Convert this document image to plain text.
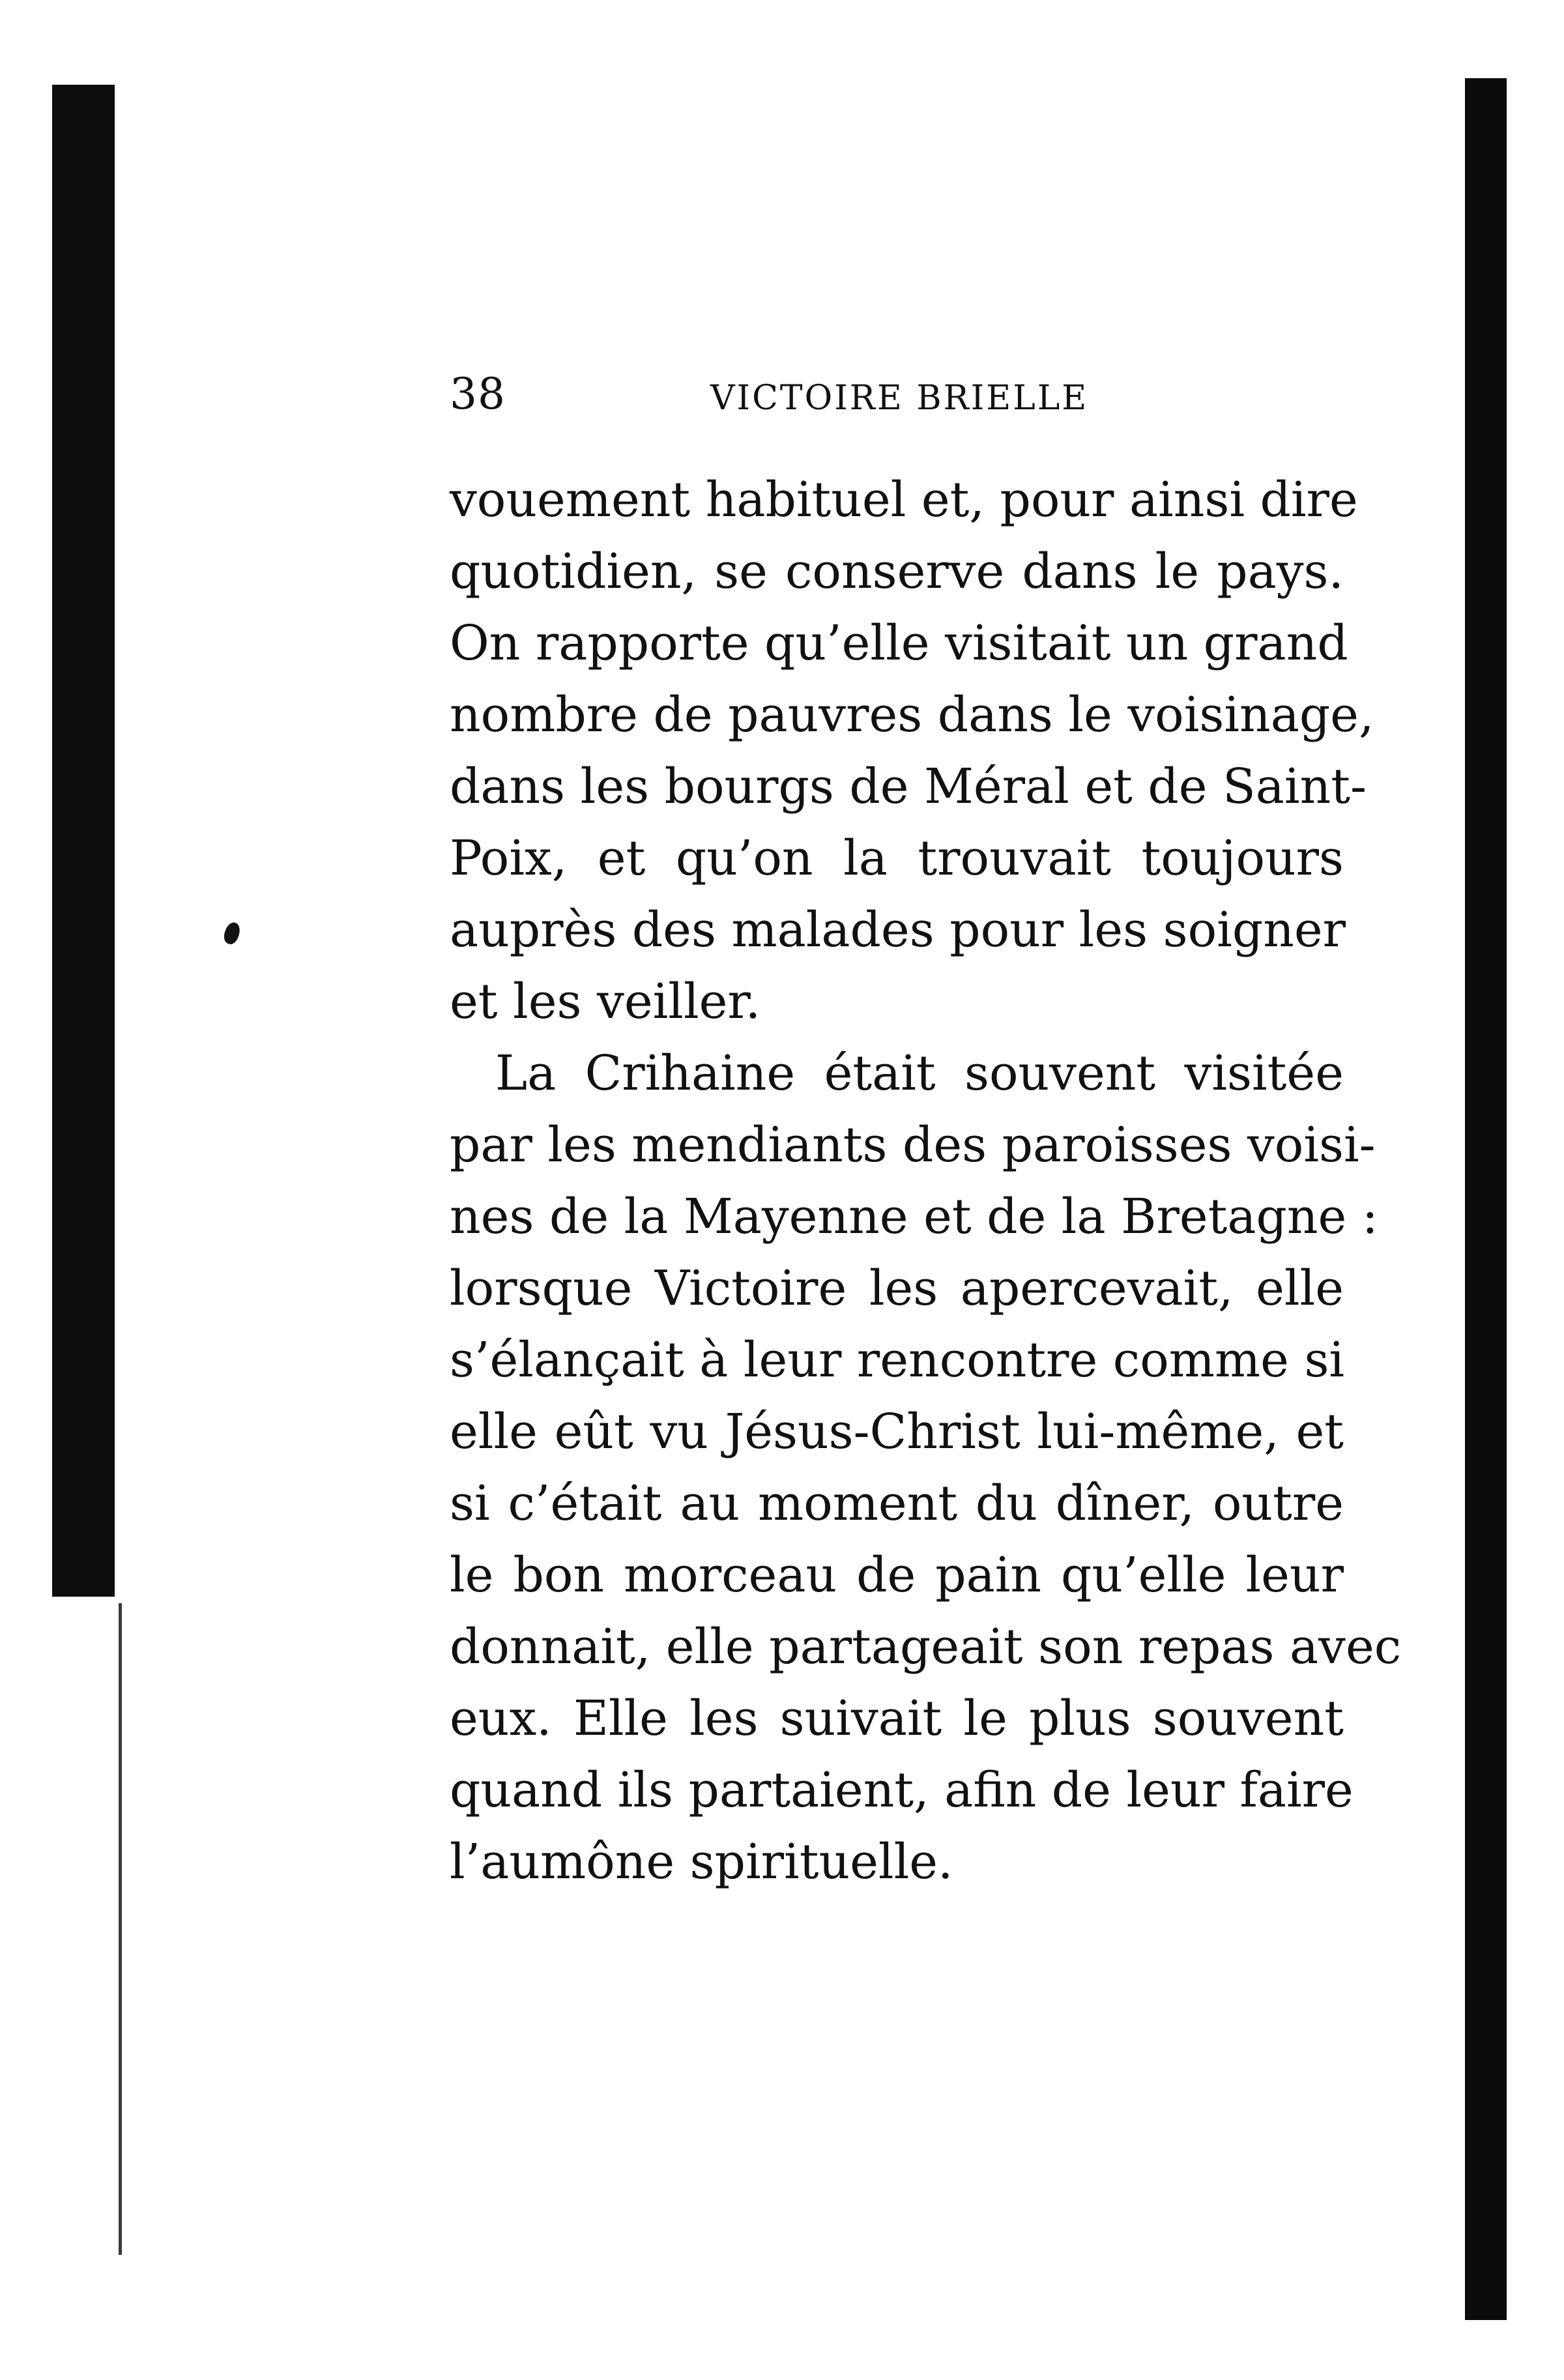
38	VICTOIRE BRIELLE
vouement habituel et, pour ainsi dire
quotidien, se conserve dans le pays.
On rapporte qu’elle visitait un grand
nombre de pauvres dans le voisinage,
dans les bourgs de Méral et de Saint-
Poix, et qu’on la trouvait toujours
auprès des malades pour les soigner
et les veiller.
La Crihaine était souvent visitée
par les mendiants des paroisses voisi-
nes de la Mayenne et de la Bretagne :
lorsque Victoire les apercevait, elle
s’élançait à leur rencontre comme si
elle eût vu Jésus-Christ lui-même, et
si c’était au moment du dîner, outre
le bon morceau de pain qu’elle leur
donnait, elle partageait son repas avec
eux. Elle les suivait le plus souvent
quand ils partaient, afin de leur faire
l’aumône spirituelle.
